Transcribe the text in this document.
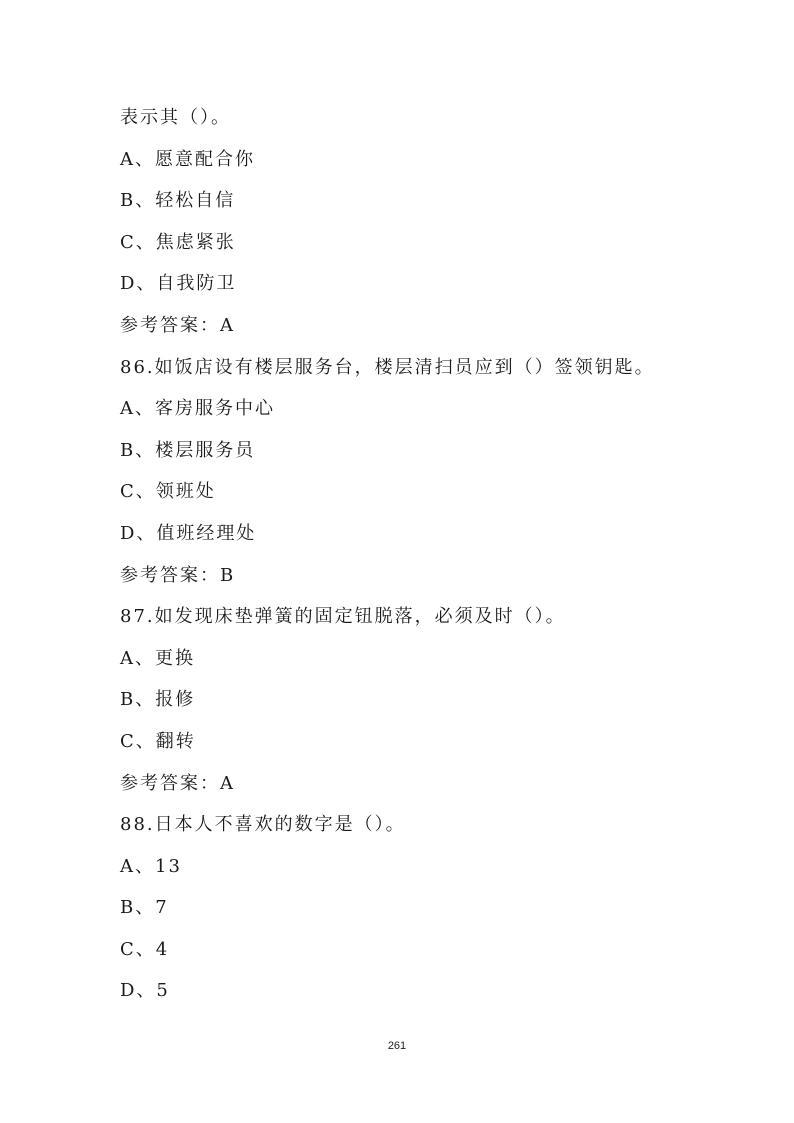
表示其（）。
A、愿意配合你
B、轻松自信
C、焦虑紧张
D、自我防卫
参考答案：A
86.如饭店设有楼层服务台，楼层清扫员应到（）签领钥匙。
A、客房服务中心
B、楼层服务员
C、领班处
D、值班经理处
参考答案：B
87.如发现床垫弹簧的固定钮脱落，必须及时（）。
A、更换
B、报修
C、翻转
参考答案：A
88.日本人不喜欢的数字是（）。
A、13
B、7
C、4
D、5
261
